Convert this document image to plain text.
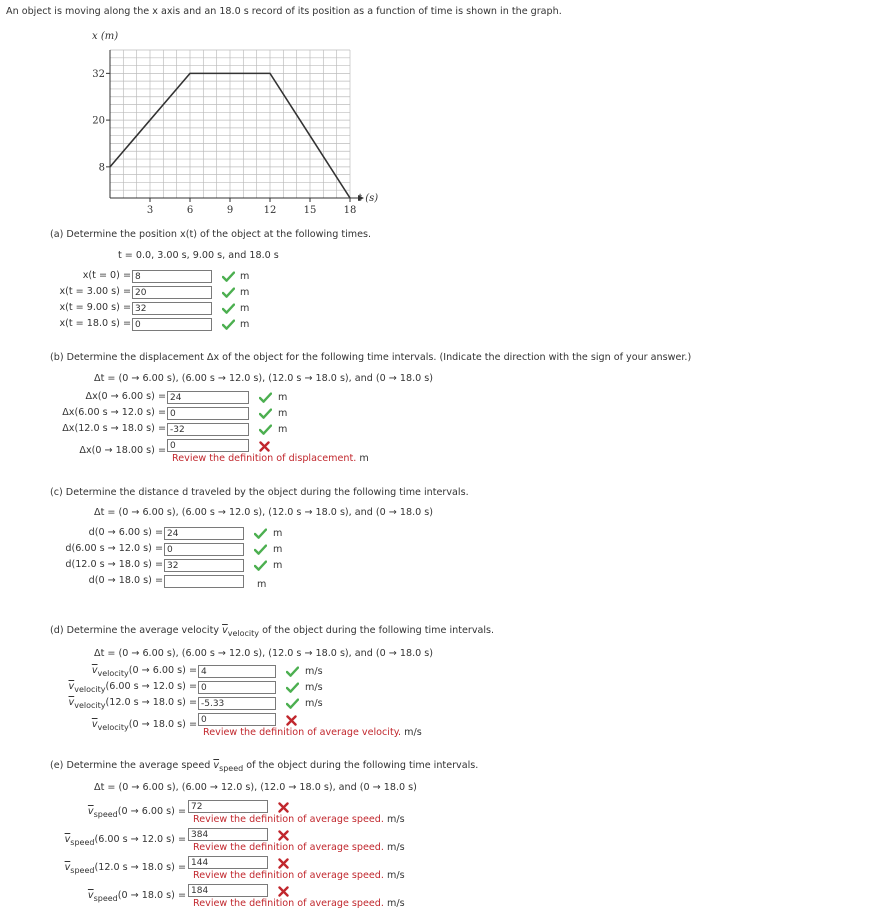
An object is moving along the x axis and an 18.0 s record of its position as a function of time is shown in the graph.
x (m)
3	6	9	12	15	18
8
20
32
t (s)
(a) Determine the position x(t) of the object at the following times.
t = 0.0, 3.00 s, 9.00 s, and 18.0 s
x(t = 0) = 8	m
x(t = 3.00 s) = 20	m
x(t = 9.00 s) = 32	m
x(t = 18.0 s) = 0	m
(b) Determine the displacement Δx of the object for the following time intervals. (Indicate the direction with the sign of your answer.)
Δt = (0 → 6.00 s), (6.00 s → 12.0 s), (12.0 s → 18.0 s), and (0 → 18.0 s)
Δx(0 → 6.00 s) = 24	m
Δx(6.00 s → 12.0 s) = 0	m
Δx(12.0 s → 18.0 s) = -32	m
Δx(0 → 18.00 s) = 0
Review the definition of displacement. m
(c) Determine the distance d traveled by the object during the following time intervals.
Δt = (0 → 6.00 s), (6.00 s → 12.0 s), (12.0 s → 18.0 s), and (0 → 18.0 s)
d(0 → 6.00 s) = 24	m
d(6.00 s → 12.0 s) = 0	m
d(12.0 s → 18.0 s) = 32	m
d(0 → 18.0 s) =	m
(d) Determine the average velocity $\overline{v}_{velocity}$ of the object during the following time intervals.
Δt = (0 → 6.00 s), (6.00 s → 12.0 s), (12.0 s → 18.0 s), and (0 → 18.0 s)
$\overline{v}_{velocity}(0 \to 6.00$ s) = 4	m/s
$\overline{v}_{velocity}(6.00$ s → 12.0 s) = 0	m/s
$\overline{v}_{velocity}(12.0$ s → 18.0 s) = -5.33	m/s
$\overline{v}_{velocity}(0 \to 18.0$ s) = 0
Review the definition of average velocity. m/s
(e) Determine the average speed $\overline{v}_{speed}$ of the object during the following time intervals.
Δt = (0 → 6.00 s), (6.00 → 12.0 s), (12.0 → 18.0 s), and (0 → 18.0 s)
$\overline{v}_{speed}(0 \to 6.00$ s) = 72
Review the definition of average speed. m/s
$\overline{v}_{speed}(6.00$ s → 12.0 s) = 384
Review the definition of average speed. m/s
$\overline{v}_{speed}(12.0$ s → 18.0 s) = 144
Review the definition of average speed. m/s
$\overline{v}_{speed}(0 \to 18.0$ s) = 184
Review the definition of average speed. m/s
